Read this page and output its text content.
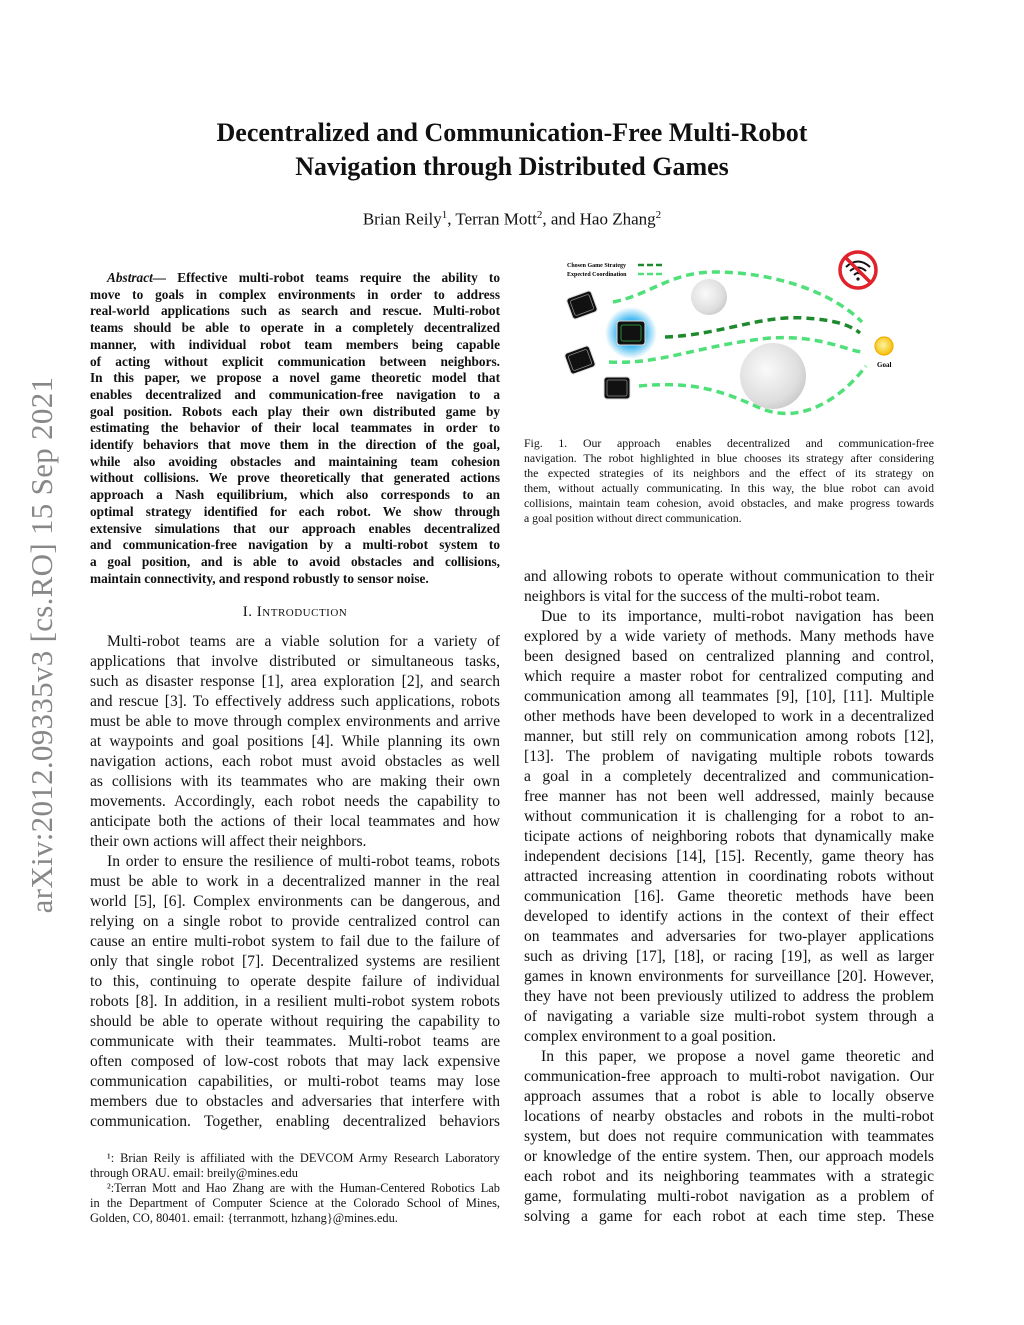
Decentralized and Communication-Free Multi-Robot
Navigation through Distributed Games
Brian Reily$^1$, Terran Mott$^2$, and Hao Zhang$^2$
arXiv:2012.09335v3 [cs.RO] 15 Sep 2021
Abstract— Effective multi-robot teams require the ability to
move to goals in complex environments in order to address
real-world applications such as search and rescue. Multi-robot
teams should be able to operate in a completely decentralized
manner, with individual robot team members being capable
of acting without explicit communication between neighbors.
In this paper, we propose a novel game theoretic model that
enables decentralized and communication-free navigation to a
goal position. Robots each play their own distributed game by
estimating the behavior of their local teammates in order to
identify behaviors that move them in the direction of the goal,
while also avoiding obstacles and maintaining team cohesion
without collisions. We prove theoretically that generated actions
approach a Nash equilibrium, which also corresponds to an
optimal strategy identified for each robot. We show through
extensive simulations that our approach enables decentralized
and communication-free navigation by a multi-robot system to
a goal position, and is able to avoid obstacles and collisions,
maintain connectivity, and respond robustly to sensor noise.
I. Introduction
Multi-robot teams are a viable solution for a variety of
applications that involve distributed or simultaneous tasks,
such as disaster response [1], area exploration [2], and search
and rescue [3]. To effectively address such applications, robots
must be able to move through complex environments and arrive
at waypoints and goal positions [4]. While planning its own
navigation actions, each robot must avoid obstacles as well
as collisions with its teammates who are making their own
movements. Accordingly, each robot needs the capability to
anticipate both the actions of their local teammates and how
their own actions will affect their neighbors.
In order to ensure the resilience of multi-robot teams, robots
must be able to work in a decentralized manner in the real
world [5], [6]. Complex environments can be dangerous, and
relying on a single robot to provide centralized control can
cause an entire multi-robot system to fail due to the failure of
only that single robot [7]. Decentralized systems are resilient
to this, continuing to operate despite failure of individual
robots [8]. In addition, in a resilient multi-robot system robots
should be able to operate without requiring the capability to
communicate with their teammates. Multi-robot teams are
often composed of low-cost robots that may lack expensive
communication capabilities, or multi-robot teams may lose
members due to obstacles and adversaries that interfere with
communication. Together, enabling decentralized behaviors
¹: Brian Reily is affiliated with the DEVCOM Army Research Laboratory
through ORAU. email: breily@mines.edu
²:Terran Mott and Hao Zhang are with the Human-Centered Robotics Lab
in the Department of Computer Science at the Colorado School of Mines,
Golden, CO, 80401. email: {terranmott, hzhang}@mines.edu.
Chosen Game Strategy
Expected Coordination
Goal
Fig. 1. Our approach enables decentralized and communication-free
navigation. The robot highlighted in blue chooses its strategy after considering
the expected strategies of its neighbors and the effect of its strategy on
them, without actually communicating. In this way, the blue robot can avoid
collisions, maintain team cohesion, avoid obstacles, and make progress towards
a goal position without direct communication.
and allowing robots to operate without communication to their
neighbors is vital for the success of the multi-robot team.
Due to its importance, multi-robot navigation has been
explored by a wide variety of methods. Many methods have
been designed based on centralized planning and control,
which require a master robot for centralized computing and
communication among all teammates [9], [10], [11]. Multiple
other methods have been developed to work in a decentralized
manner, but still rely on communication among robots [12],
[13]. The problem of navigating multiple robots towards
a goal in a completely decentralized and communication-
free manner has not been well addressed, mainly because
without communication it is challenging for a robot to an-
ticipate actions of neighboring robots that dynamically make
independent decisions [14], [15]. Recently, game theory has
attracted increasing attention in coordinating robots without
communication [16]. Game theoretic methods have been
developed to identify actions in the context of their effect
on teammates and adversaries for two-player applications
such as driving [17], [18], or racing [19], as well as larger
games in known environments for surveillance [20]. However,
they have not been previously utilized to address the problem
of navigating a variable size multi-robot system through a
complex environment to a goal position.
In this paper, we propose a novel game theoretic and
communication-free approach to multi-robot navigation. Our
approach assumes that a robot is able to locally observe
locations of nearby obstacles and robots in the multi-robot
system, but does not require communication with teammates
or knowledge of the entire system. Then, our approach models
each robot and its neighboring teammates with a strategic
game, formulating multi-robot navigation as a problem of
solving a game for each robot at each time step. These
